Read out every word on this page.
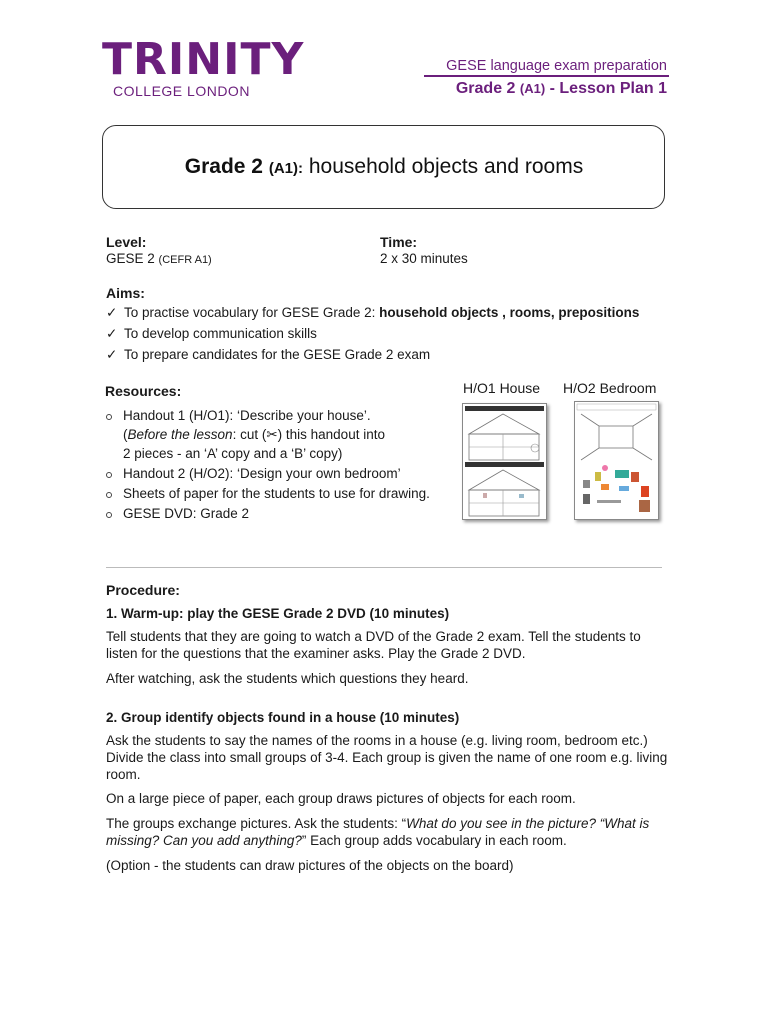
TRINITY
COLLEGE LONDON
GESE language exam preparation
Grade 2 (A1) - Lesson Plan 1
Grade 2 (A1): household objects and rooms
Level:
GESE 2 (CEFR A1)
Time:
2 x 30 minutes
Aims:
✓ To practise vocabulary for GESE Grade 2: household objects , rooms, prepositions
✓ To develop communication skills
✓ To prepare candidates for the GESE Grade 2 exam
Resources:
Handout 1 (H/O1): ‘Describe your house’.
(Before the lesson: cut (✂) this handout into
2 pieces - an ‘A’ copy and a ‘B’ copy)
Handout 2 (H/O2): ‘Design your own bedroom’
Sheets of paper for the students to use for drawing.
GESE DVD: Grade 2
H/O1 House H/O2 Bedroom
Procedure:
1. Warm-up: play the GESE Grade 2 DVD (10 minutes)
Tell students that they are going to watch a DVD of the Grade 2 exam. Tell the students to listen for the questions that the examiner asks. Play the Grade 2 DVD.
After watching, ask the students which questions they heard.
2. Group identify objects found in a house (10 minutes)
Ask the students to say the names of the rooms in a house (e.g. living room, bedroom etc.) Divide the class into small groups of 3-4. Each group is given the name of one room e.g. living room.
On a large piece of paper, each group draws pictures of objects for each room.
The groups exchange pictures. Ask the students: “What do you see in the picture? “What is missing? Can you add anything?” Each group adds vocabulary in each room.
(Option - the students can draw pictures of the objects on the board)
